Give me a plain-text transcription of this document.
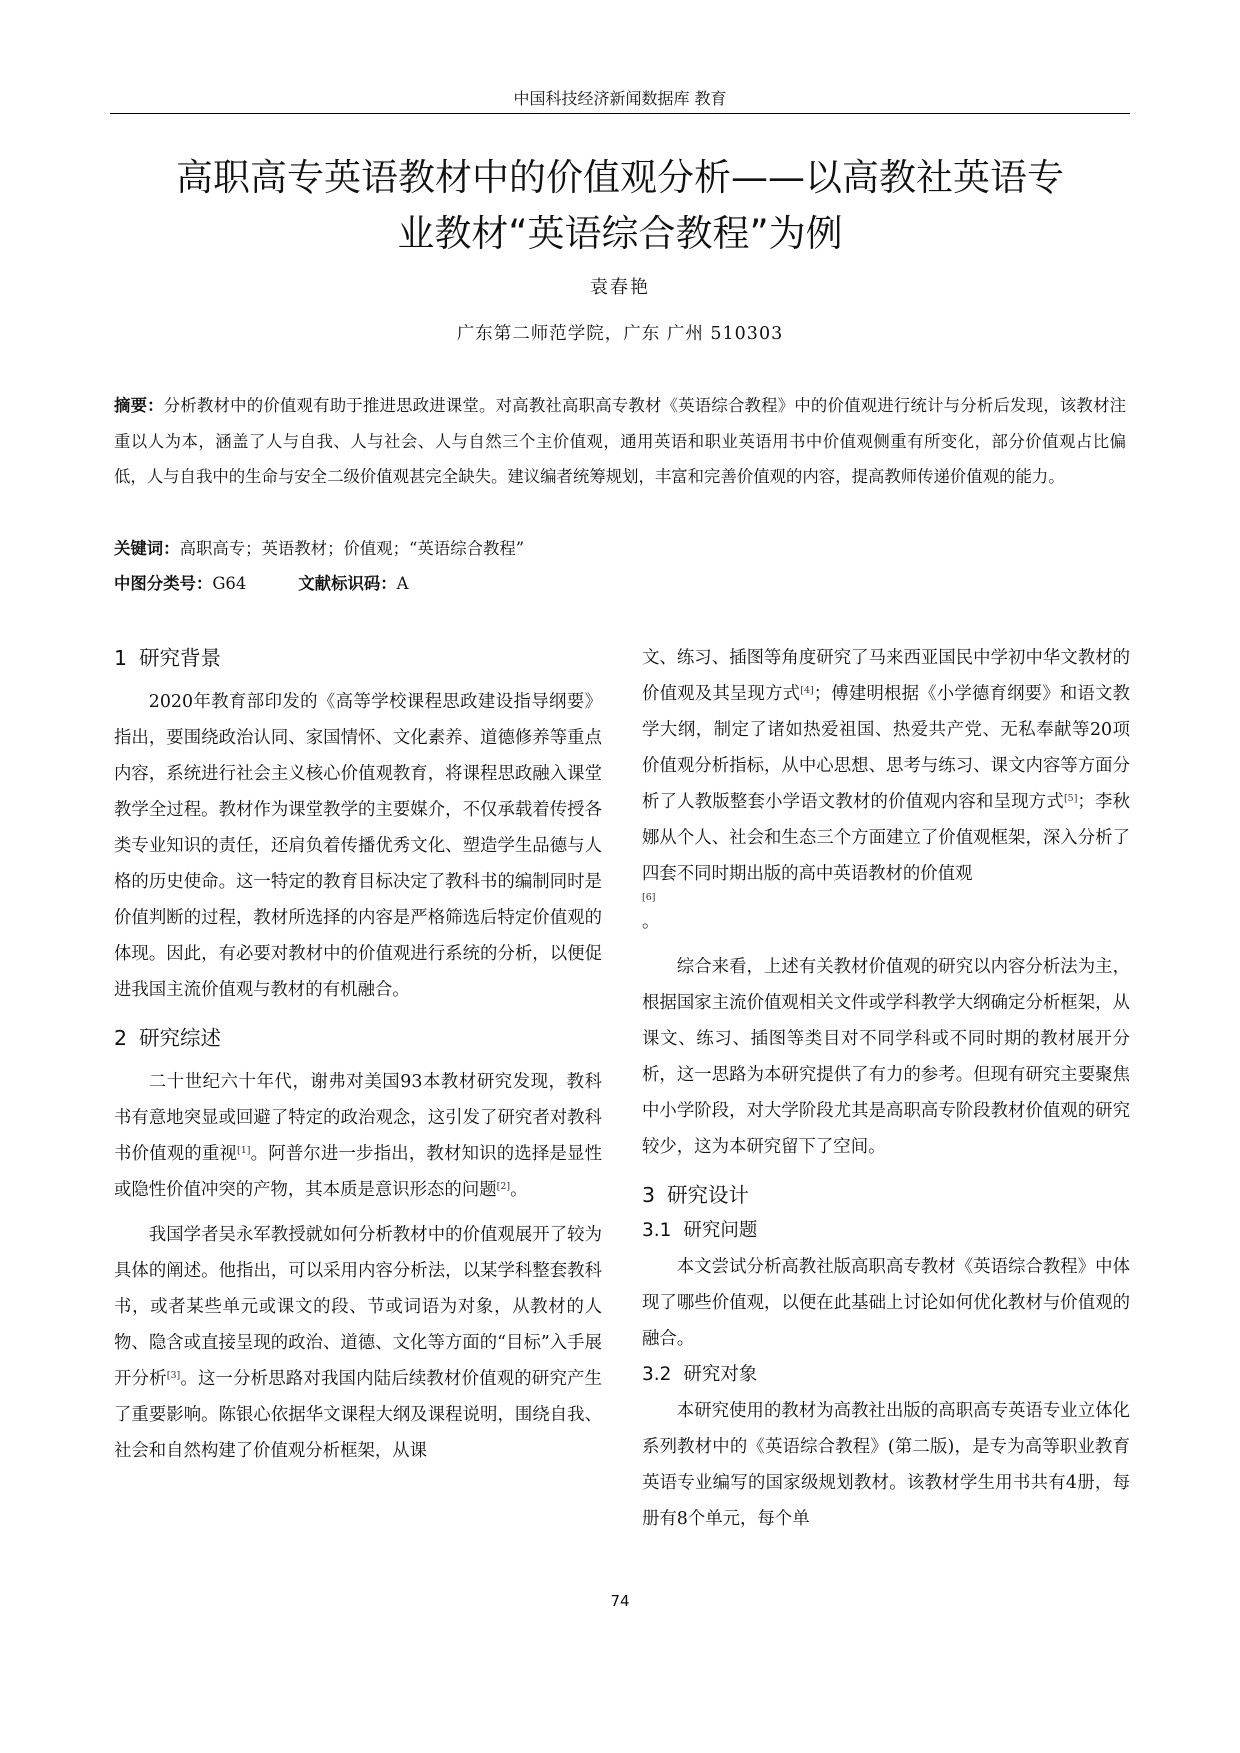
中国科技经济新闻数据库 教育
高职高专英语教材中的价值观分析——以高教社英语专
业教材“英语综合教程”为例
袁春艳
广东第二师范学院，广东 广州 510303
摘要：分析教材中的价值观有助于推进思政进课堂。对高教社高职高专教材《英语综合教程》中的价值观进行统计与分析后发现，该教材注重以人为本，涵盖了人与自我、人与社会、人与自然三个主价值观，通用英语和职业英语用书中价值观侧重有所变化，部分价值观占比偏低，人与自我中的生命与安全二级价值观甚完全缺失。建议编者统筹规划，丰富和完善价值观的内容，提高教师传递价值观的能力。
关键词：高职高专；英语教材；价值观；“英语综合教程”
中图分类号：G64	文献标识码：A
1 研究背景

2020年教育部印发的《高等学校课程思政建设指导纲要》指出，要围绕政治认同、家国情怀、文化素养、道德修养等重点内容，系统进行社会主义核心价值观教育，将课程思政融入课堂教学全过程。教材作为课堂教学的主要媒介，不仅承载着传授各类专业知识的责任，还肩负着传播优秀文化、塑造学生品德与人格的历史使命。这一特定的教育目标决定了教科书的编制同时是价值判断的过程，教材所选择的内容是严格筛选后特定价值观的体现。因此，有必要对教材中的价值观进行系统的分析，以便促进我国主流价值观与教材的有机融合。

2 研究综述

二十世纪六十年代，谢弗对美国93本教材研究发现，教科书有意地突显或回避了特定的政治观念，这引发了研究者对教科书价值观的重视[1]。阿普尔进一步指出，教材知识的选择是显性或隐性价值冲突的产物，其本质是意识形态的问题[2]。

我国学者吴永军教授就如何分析教材中的价值观展开了较为具体的阐述。他指出，可以采用内容分析法，以某学科整套教科书，或者某些单元或课文的段、节或词语为对象，从教材的人物、隐含或直接呈现的政治、道德、文化等方面的“目标”入手展开分析[3]。这一分析思路对我国内陆后续教材价值观的研究产生了重要影响。陈银心依据华文课程大纲及课程说明，围绕自我、社会和自然构建了价值观分析框架，从课

文、练习、插图等角度研究了马来西亚国民中学初中华文教材的价值观及其呈现方式[4]；傅建明根据《小学德育纲要》和语文教学大纲，制定了诸如热爱祖国、热爱共产党、无私奉献等20项价值观分析指标，从中心思想、思考与练习、课文内容等方面分析了人教版整套小学语文教材的价值观内容和呈现方式[5]；李秋娜从个人、社会和生态三个方面建立了价值观框架，深入分析了四套不同时期出版的高中英语教材的价值观
[6]
。

综合来看，上述有关教材价值观的研究以内容分析法为主，根据国家主流价值观相关文件或学科教学大纲确定分析框架，从课文、练习、插图等类目对不同学科或不同时期的教材展开分析，这一思路为本研究提供了有力的参考。但现有研究主要聚焦中小学阶段，对大学阶段尤其是高职高专阶段教材价值观的研究较少，这为本研究留下了空间。

3 研究设计
3.1 研究问题

本文尝试分析高教社版高职高专教材《英语综合教程》中体现了哪些价值观，以便在此基础上讨论如何优化教材与价值观的融合。

3.2 研究对象

本研究使用的教材为高教社出版的高职高专英语专业立体化系列教材中的《英语综合教程》(第二版)，是专为高等职业教育英语专业编写的国家级规划教材。该教材学生用书共有4册，每册有8个单元，每个单

74
